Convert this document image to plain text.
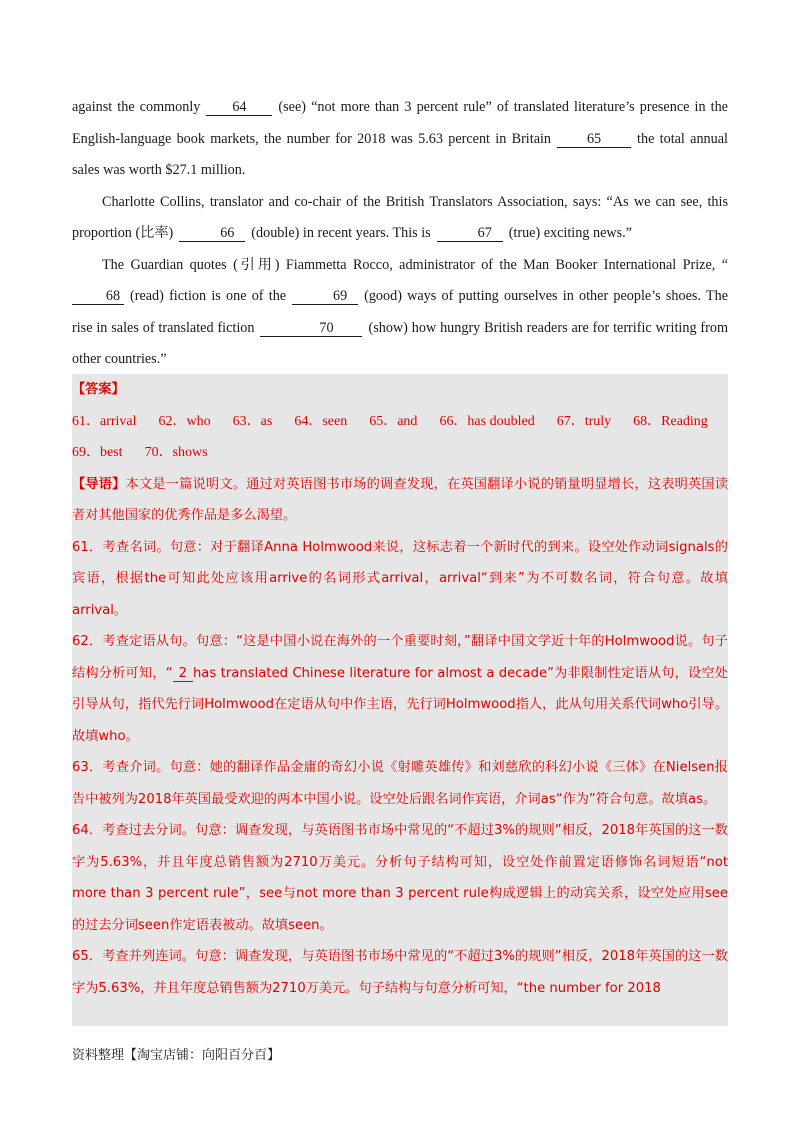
against the commonly 64 (see) “not more than 3 percent rule” of translated literature’s presence in the English-language book markets, the number for 2018 was 5.63 percent in Britain	65	the total annual sales was worth $27.1 million.

Charlotte Collins, translator and co-chair of the British Translators Association, says: “As we can see, this proportion (比率)	66 (double) in recent years. This is	67 (true) exciting news.”

The Guardian quotes (引用) Fiammetta Rocco, administrator of the Man Booker International Prize, “68 (read) fiction is one of the	69 (good) ways of putting ourselves in other people’s shoes. The rise in sales of translated fiction	70 (show) how hungry British readers are for terrific writing from other countries.”

【答案】
61．arrival 62．who 63．as 64．seen 65．and 66．has doubled 67．truly 68．Reading
69．best 70．shows

【导语】本文是一篇说明文。通过对英语图书市场的调查发现，在英国翻译小说的销量明显增长，这表明英国读者对其他国家的优秀作品是多么渴望。

61．考查名词。句意：对于翻译Anna Holmwood来说，这标志着一个新时代的到来。设空处作动词signals的宾语，根据the可知此处应该用arrive的名词形式arrival，arrival“到来”为不可数名词，符合句意。故填arrival。

62．考查定语从句。句意：“这是中国小说在海外的一个重要时刻，”翻译中国文学近十年的Holmwood说。句子结构分析可知，“ 2 has translated Chinese literature for almost a decade”为非限制性定语从句，设空处引导从句，指代先行词Holmwood在定语从句中作主语，先行词Holmwood指人，此从句用关系代词who引导。故填who。

63．考查介词。句意：她的翻译作品金庸的奇幻小说《射雕英雄传》和刘慈欣的科幻小说《三体》在Nielsen报告中被列为2018年英国最受欢迎的两本中国小说。设空处后跟名词作宾语，介词as“作为”符合句意。故填as。

64．考查过去分词。句意：调查发现，与英语图书市场中常见的“不超过3%的规则”相反，2018年英国的这一数字为5.63%，并且年度总销售额为2710万美元。分析句子结构可知，设空处作前置定语修饰名词短语“not more than 3 percent rule”，see与not more than 3 percent rule构成逻辑上的动宾关系，设空处应用see的过去分词seen作定语表被动。故填seen。

65．考查并列连词。句意：调查发现，与英语图书市场中常见的“不超过3%的规则”相反，2018年英国的这一数字为5.63%，并且年度总销售额为2710万美元。句子结构与句意分析可知，“the number for 2018

资料整理【淘宝店铺：向阳百分百】
